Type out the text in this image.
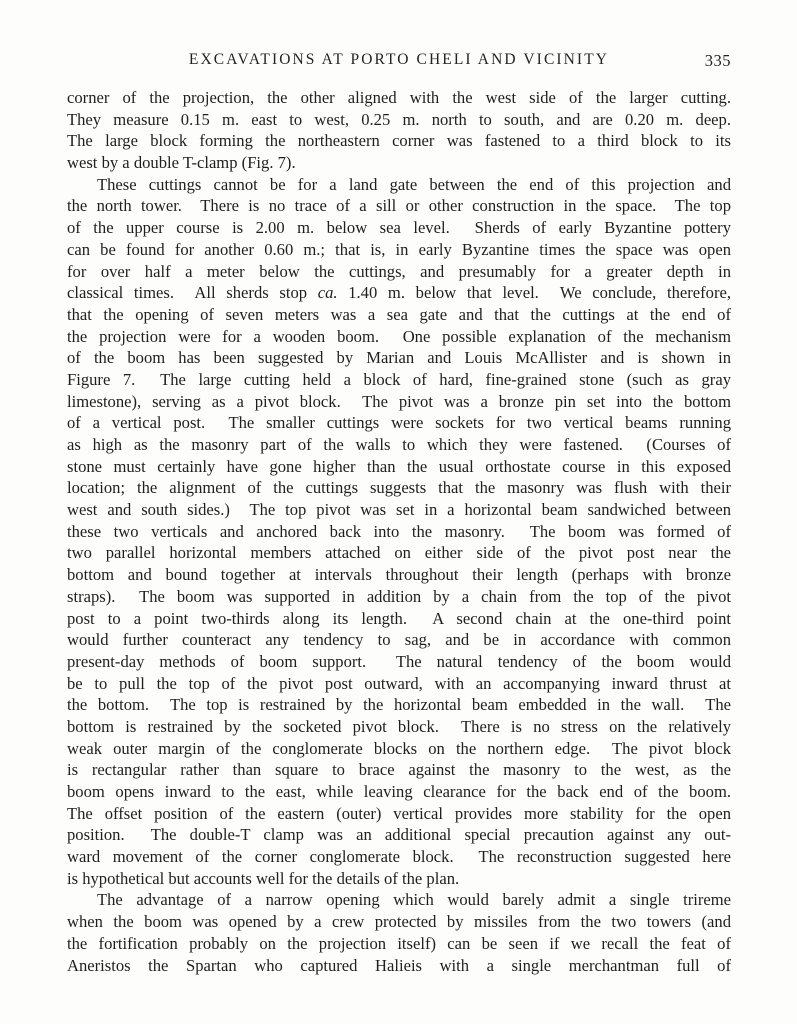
EXCAVATIONS AT PORTO CHELI AND VICINITY	335
corner of the projection, the other aligned with the west side of the larger cutting.
They measure 0.15 m. east to west, 0.25 m. north to south, and are 0.20 m. deep.
The large block forming the northeastern corner was fastened to a third block to its
west by a double T-clamp (Fig. 7).
These cuttings cannot be for a land gate between the end of this projection and
the north tower.  There is no trace of a sill or other construction in the space.  The top
of the upper course is 2.00 m. below sea level.  Sherds of early Byzantine pottery
can be found for another 0.60 m.; that is, in early Byzantine times the space was open
for over half a meter below the cuttings, and presumably for a greater depth in
classical times.  All sherds stop ca. 1.40 m. below that level.  We conclude, therefore,
that the opening of seven meters was a sea gate and that the cuttings at the end of
the projection were for a wooden boom.  One possible explanation of the mechanism
of the boom has been suggested by Marian and Louis McAllister and is shown in
Figure 7.  The large cutting held a block of hard, fine-grained stone (such as gray
limestone), serving as a pivot block.  The pivot was a bronze pin set into the bottom
of a vertical post.  The smaller cuttings were sockets for two vertical beams running
as high as the masonry part of the walls to which they were fastened.  (Courses of
stone must certainly have gone higher than the usual orthostate course in this exposed
location; the alignment of the cuttings suggests that the masonry was flush with their
west and south sides.)  The top pivot was set in a horizontal beam sandwiched between
these two verticals and anchored back into the masonry.  The boom was formed of
two parallel horizontal members attached on either side of the pivot post near the
bottom and bound together at intervals throughout their length (perhaps with bronze
straps).  The boom was supported in addition by a chain from the top of the pivot
post to a point two-thirds along its length.  A second chain at the one-third point
would further counteract any tendency to sag, and be in accordance with common
present-day methods of boom support.  The natural tendency of the boom would
be to pull the top of the pivot post outward, with an accompanying inward thrust at
the bottom.  The top is restrained by the horizontal beam embedded in the wall.  The
bottom is restrained by the socketed pivot block.  There is no stress on the relatively
weak outer margin of the conglomerate blocks on the northern edge.  The pivot block
is rectangular rather than square to brace against the masonry to the west, as the
boom opens inward to the east, while leaving clearance for the back end of the boom.
The offset position of the eastern (outer) vertical provides more stability for the open
position.  The double-T clamp was an additional special precaution against any out-
ward movement of the corner conglomerate block.  The reconstruction suggested here
is hypothetical but accounts well for the details of the plan.
The advantage of a narrow opening which would barely admit a single trireme
when the boom was opened by a crew protected by missiles from the two towers (and
the fortification probably on the projection itself) can be seen if we recall the feat of
Aneristos the Spartan who captured Halieis with a single merchantman full of
